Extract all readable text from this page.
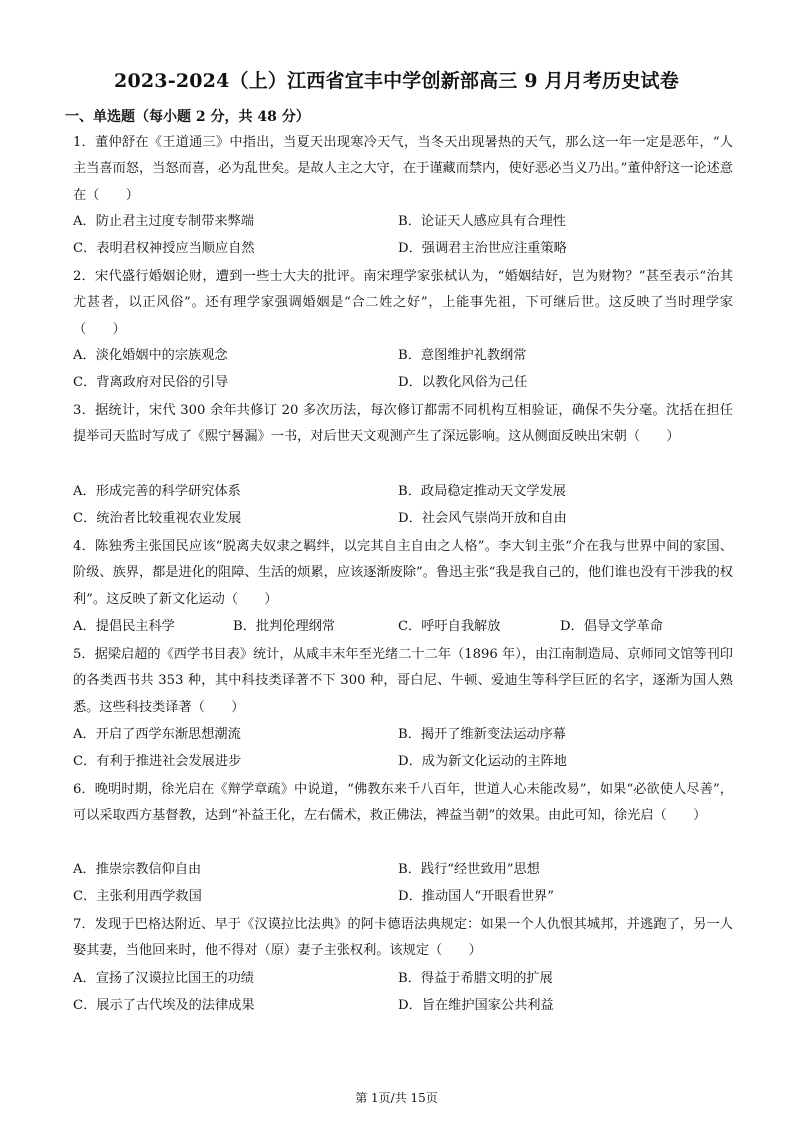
2023-2024（上）江西省宜丰中学创新部高三 9 月月考历史试卷
一、单选题（每小题 2 分，共 48 分）
1．董仲舒在《王道通三》中指出，当夏天出现寒冷天气，当冬天出现暑热的天气，那么这一年一定是恶年，“人主当喜而怒，当怒而喜，必为乱世矣。是故人主之大守，在于谨藏而禁内，使好恶必当义乃出。”董仲舒这一论述意在（　　）
A．防止君主过度专制带来弊端	B．论证天人感应具有合理性
C．表明君权神授应当顺应自然	D．强调君主治世应注重策略
2．宋代盛行婚姻论财，遭到一些士大夫的批评。南宋理学家张栻认为，“婚姻结好，岂为财物？”甚至表示“治其尤甚者，以正风俗”。还有理学家强调婚姻是“合二姓之好”，上能事先祖，下可继后世。这反映了当时理学家（　　）
A．淡化婚姻中的宗族观念	B．意图维护礼教纲常
C．背离政府对民俗的引导	D．以教化风俗为己任
3．据统计，宋代 300 余年共修订 20 多次历法，每次修订都需不同机构互相验证，确保不失分毫。沈括在担任提举司天监时写成了《熙宁晷漏》一书，对后世天文观测产生了深远影响。这从侧面反映出宋朝（　　）
A．形成完善的科学研究体系	B．政局稳定推动天文学发展
C．统治者比较重视农业发展	D．社会风气崇尚开放和自由
4．陈独秀主张国民应该“脱离夫奴隶之羁绊，以完其自主自由之人格”。李大钊主张“介在我与世界中间的家国、阶级、族界，都是进化的阻障、生活的烦累，应该逐渐废除”。鲁迅主张“我是我自己的，他们谁也没有干涉我的权利”。这反映了新文化运动（　　）
A．提倡民主科学	B．批判伦理纲常	C．呼吁自我解放	D．倡导文学革命
5．据梁启超的《西学书目表》统计，从咸丰末年至光绪二十二年（1896 年），由江南制造局、京师同文馆等刊印的各类西书共 353 种，其中科技类译著不下 300 种，哥白尼、牛顿、爱迪生等科学巨匠的名字，逐渐为国人熟悉。这些科技类译著（　　）
A．开启了西学东渐思想潮流	B．揭开了维新变法运动序幕
C．有利于推进社会发展进步	D．成为新文化运动的主阵地
6．晚明时期，徐光启在《辩学章疏》中说道，“佛教东来千八百年，世道人心未能改易”，如果“必欲使人尽善”，可以采取西方基督教，达到“补益王化，左右儒术，救正佛法，裨益当朝”的效果。由此可知，徐光启（　　）
A．推崇宗教信仰自由	B．践行“经世致用”思想
C．主张利用西学救国	D．推动国人“开眼看世界”
7．发现于巴格达附近、早于《汉谟拉比法典》的阿卡德语法典规定：如果一个人仇恨其城邦，并逃跑了，另一人娶其妻，当他回来时，他不得对（原）妻子主张权利。该规定（　　）
A．宣扬了汉谟拉比国王的功绩	B．得益于希腊文明的扩展
C．展示了古代埃及的法律成果	D．旨在维护国家公共利益
第 1页/共 15页
